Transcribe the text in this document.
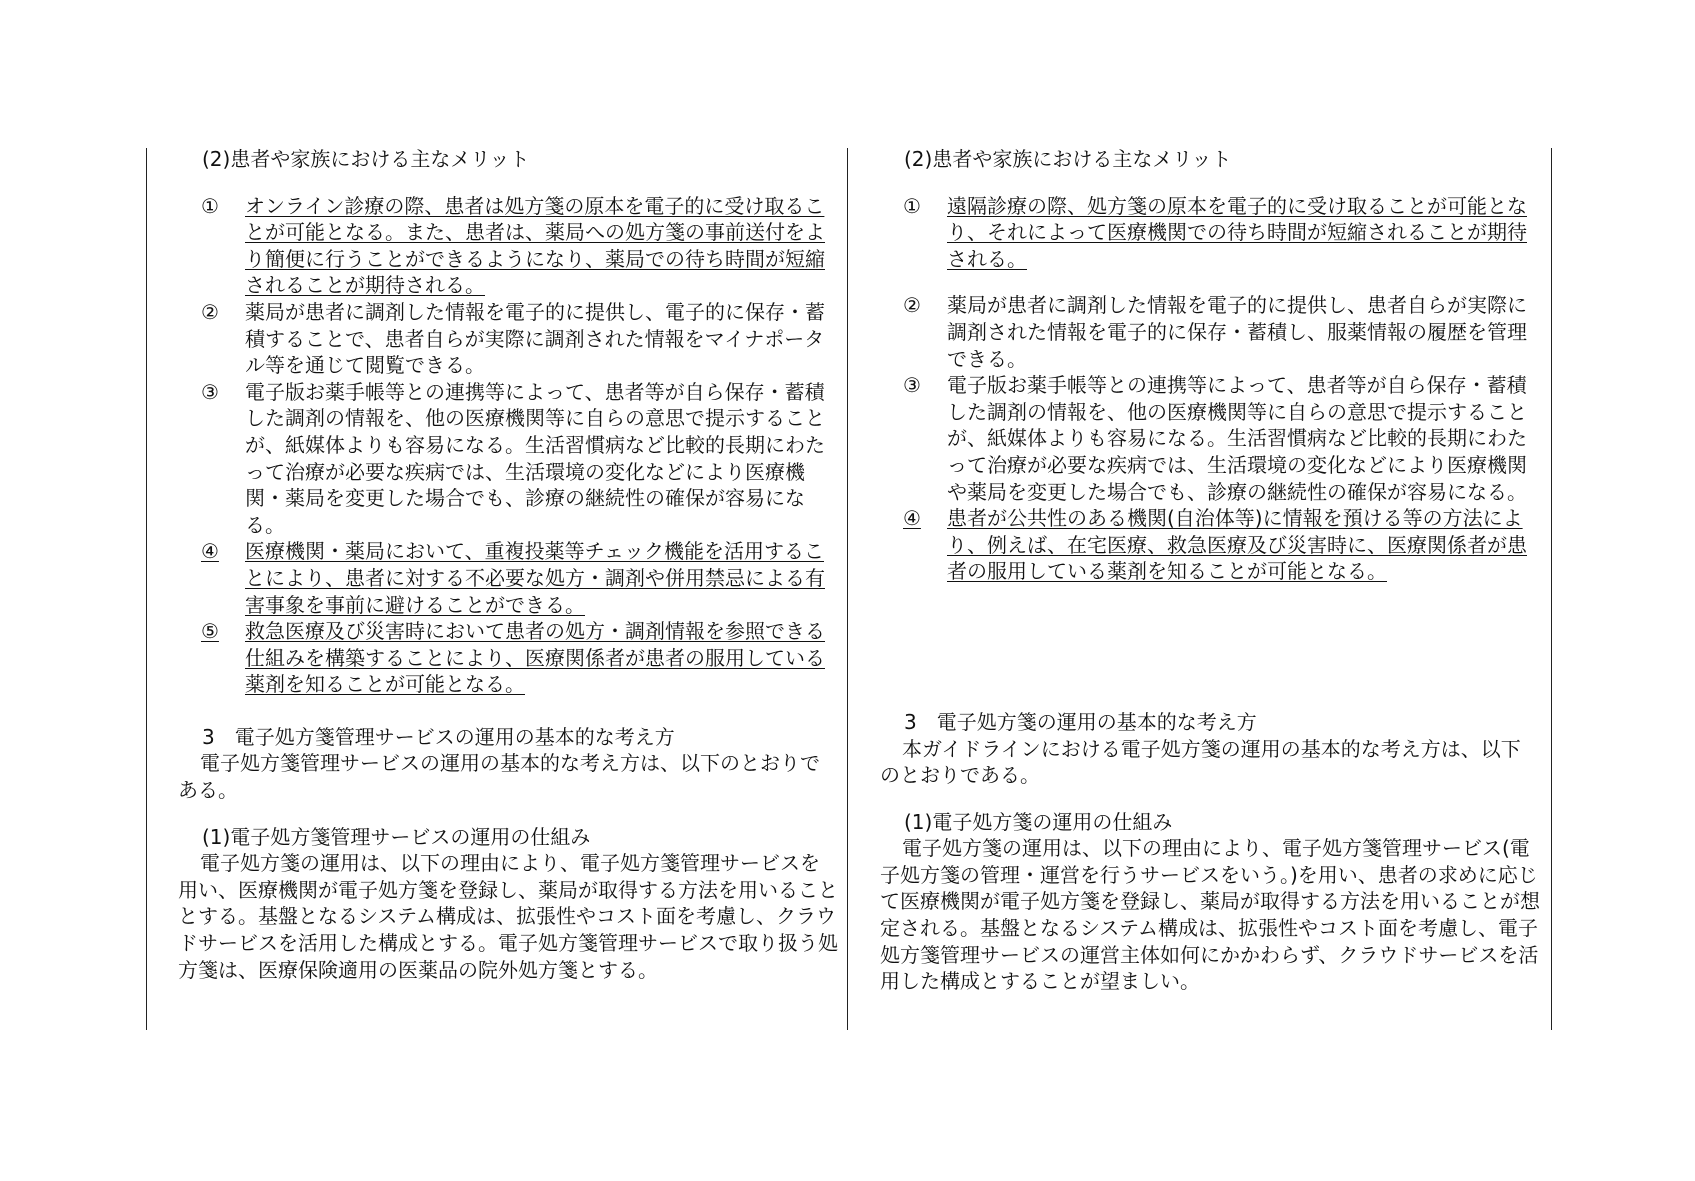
(2)患者や家族における主なメリット

①	オンライン診療の際、患者は処方箋の原本を電子的に受け取ることが可能となる。また、患者は、薬局への処方箋の事前送付をより簡便に行うことができるようになり、薬局での待ち時間が短縮されることが期待される。
②	薬局が患者に調剤した情報を電子的に提供し、電子的に保存・蓄積することで、患者自らが実際に調剤された情報をマイナポータル等を通じて閲覧できる。
③	電子版お薬手帳等との連携等によって、患者等が自ら保存・蓄積した調剤の情報を、他の医療機関等に自らの意思で提示することが、紙媒体よりも容易になる。生活習慣病など比較的長期にわたって治療が必要な疾病では、生活環境の変化などにより医療機関・薬局を変更した場合でも、診療の継続性の確保が容易になる。
④	医療機関・薬局において、重複投薬等チェック機能を活用することにより、患者に対する不必要な処方・調剤や併用禁忌による有害事象を事前に避けることができる。
⑤	救急医療及び災害時において患者の処方・調剤情報を参照できる仕組みを構築することにより、医療関係者が患者の服用している薬剤を知ることが可能となる。

3　電子処方箋管理サービスの運用の基本的な考え方

電子処方箋管理サービスの運用の基本的な考え方は、以下のとおりである。

(1)電子処方箋管理サービスの運用の仕組み

電子処方箋の運用は、以下の理由により、電子処方箋管理サービスを用い、医療機関が電子処方箋を登録し、薬局が取得する方法を用いることとする。基盤となるシステム構成は、拡張性やコスト面を考慮し、クラウドサービスを活用した構成とする。電子処方箋管理サービスで取り扱う処方箋は、医療保険適用の医薬品の院外処方箋とする。

(2)患者や家族における主なメリット

①	遠隔診療の際、処方箋の原本を電子的に受け取ることが可能となり、それによって医療機関での待ち時間が短縮されることが期待される。
②	薬局が患者に調剤した情報を電子的に提供し、患者自らが実際に調剤された情報を電子的に保存・蓄積し、服薬情報の履歴を管理できる。
③	電子版お薬手帳等との連携等によって、患者等が自ら保存・蓄積した調剤の情報を、他の医療機関等に自らの意思で提示することが、紙媒体よりも容易になる。生活習慣病など比較的長期にわたって治療が必要な疾病では、生活環境の変化などにより医療機関や薬局を変更した場合でも、診療の継続性の確保が容易になる。
④	患者が公共性のある機関(自治体等)に情報を預ける等の方法により、例えば、在宅医療、救急医療及び災害時に、医療関係者が患者の服用している薬剤を知ることが可能となる。

3　電子処方箋の運用の基本的な考え方

本ガイドラインにおける電子処方箋の運用の基本的な考え方は、以下のとおりである。

(1)電子処方箋の運用の仕組み

電子処方箋の運用は、以下の理由により、電子処方箋管理サービス(電子処方箋の管理・運営を行うサービスをいう。)を用い、患者の求めに応じて医療機関が電子処方箋を登録し、薬局が取得する方法を用いることが想定される。基盤となるシステム構成は、拡張性やコスト面を考慮し、電子処方箋管理サービスの運営主体如何にかかわらず、クラウドサービスを活用した構成とすることが望ましい。
